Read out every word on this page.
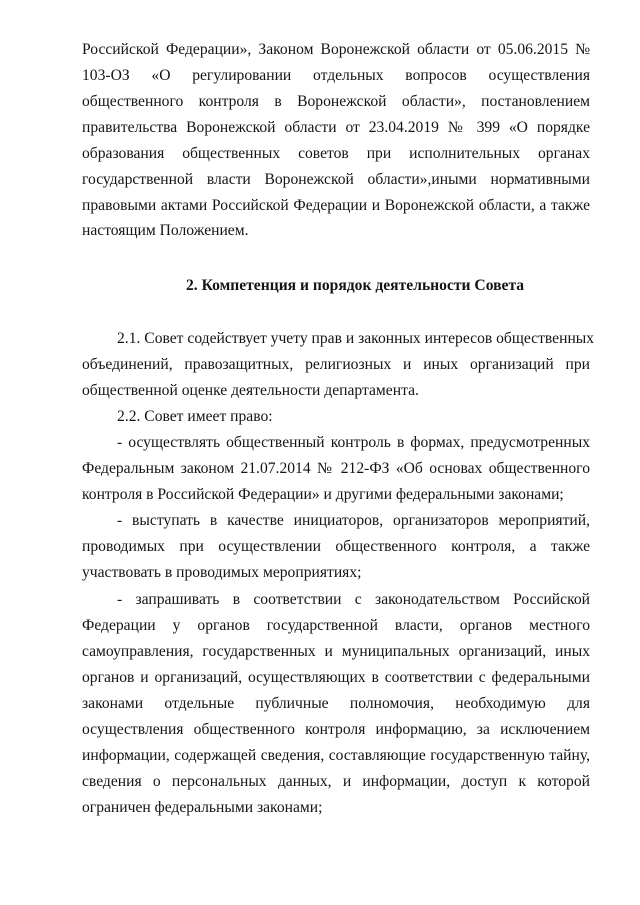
Российской Федерации», Законом Воронежской области от 05.06.2015 №
103-ОЗ «О регулировании отдельных вопросов осуществления
общественного контроля в Воронежской области», постановлением
правительства Воронежской области от 23.04.2019 № 399 «О порядке
образования общественных советов при исполнительных органах
государственной власти Воронежской области»,иными нормативными
правовыми актами Российской Федерации и Воронежской области, а также
настоящим Положением.
2. Компетенция и порядок деятельности Совета
2.1. Совет содействует учету прав и законных интересов общественных
объединений, правозащитных, религиозных и иных организаций при
общественной оценке деятельности департамента.
2.2. Совет имеет право:
- осуществлять общественный контроль в формах, предусмотренных
Федеральным законом 21.07.2014 № 212-ФЗ «Об основах общественного
контроля в Российской Федерации» и другими федеральными законами;
- выступать в качестве инициаторов, организаторов мероприятий,
проводимых при осуществлении общественного контроля, а также
участвовать в проводимых мероприятиях;
- запрашивать в соответствии с законодательством Российской
Федерации у органов государственной власти, органов местного
самоуправления, государственных и муниципальных организаций, иных
органов и организаций, осуществляющих в соответствии с федеральными
законами отдельные публичные полномочия, необходимую для
осуществления общественного контроля информацию, за исключением
информации, содержащей сведения, составляющие государственную тайну,
сведения о персональных данных, и информации, доступ к которой
ограничен федеральными законами;
